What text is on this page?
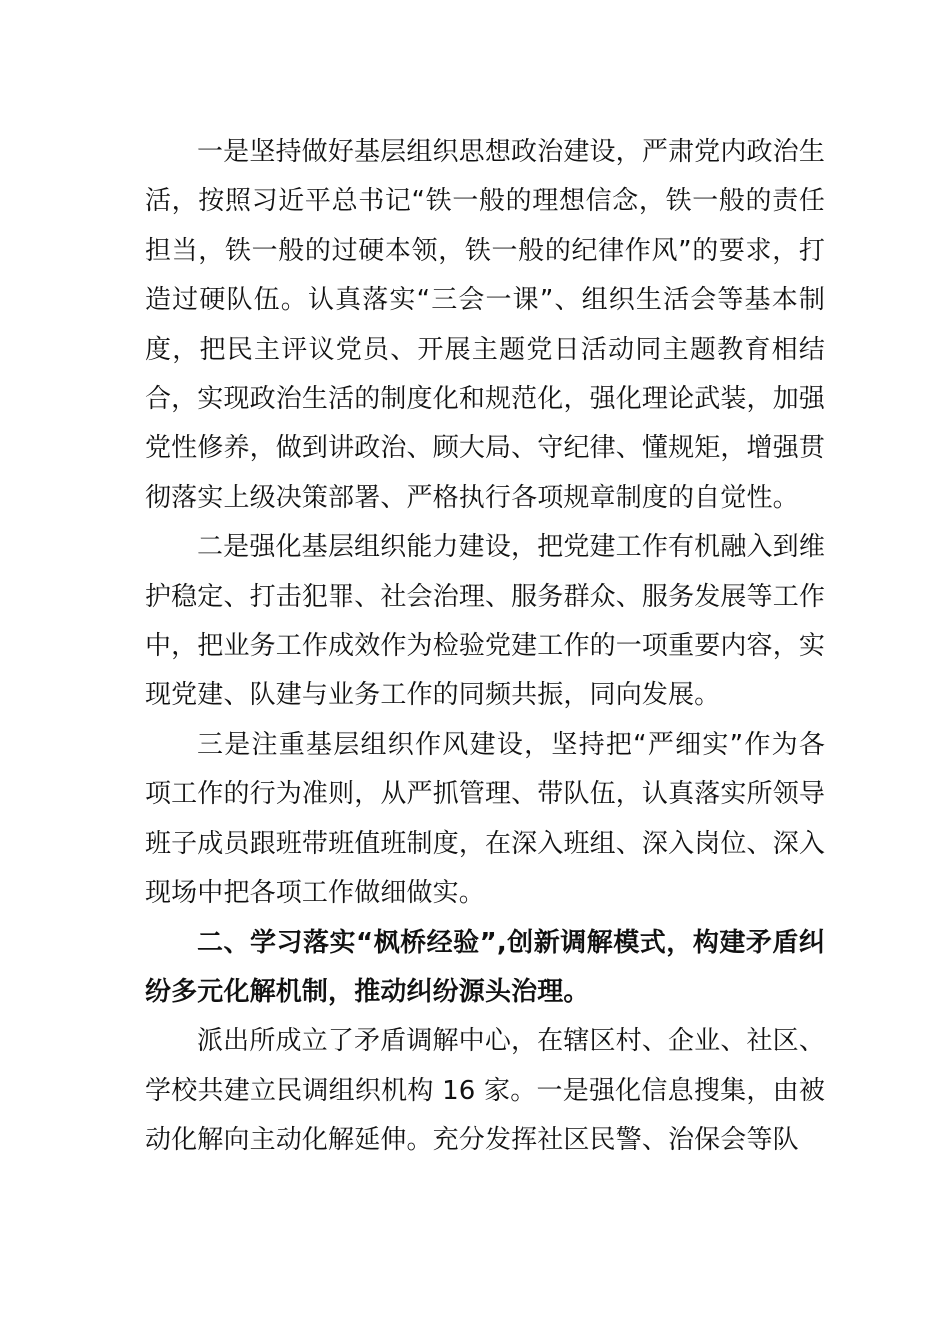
一是坚持做好基层组织思想政治建设，严肃党内政治生活，按照习近平总书记“铁一般的理想信念，铁一般的责任担当，铁一般的过硬本领，铁一般的纪律作风”的要求，打造过硬队伍。认真落实“三会一课”、组织生活会等基本制度，把民主评议党员、开展主题党日活动同主题教育相结合，实现政治生活的制度化和规范化，强化理论武装，加强党性修养，做到讲政治、顾大局、守纪律、懂规矩，增强贯彻落实上级决策部署、严格执行各项规章制度的自觉性。

二是强化基层组织能力建设，把党建工作有机融入到维护稳定、打击犯罪、社会治理、服务群众、服务发展等工作中，把业务工作成效作为检验党建工作的一项重要内容，实现党建、队建与业务工作的同频共振，同向发展。

三是注重基层组织作风建设，坚持把“严细实”作为各项工作的行为准则，从严抓管理、带队伍，认真落实所领导班子成员跟班带班值班制度，在深入班组、深入岗位、深入现场中把各项工作做细做实。

二、学习落实“枫桥经验”,创新调解模式，构建矛盾纠纷多元化解机制，推动纠纷源头治理。

派出所成立了矛盾调解中心，在辖区村、企业、社区、学校共建立民调组织机构 16 家。一是强化信息搜集，由被动化解向主动化解延伸。充分发挥社区民警、治保会等队
